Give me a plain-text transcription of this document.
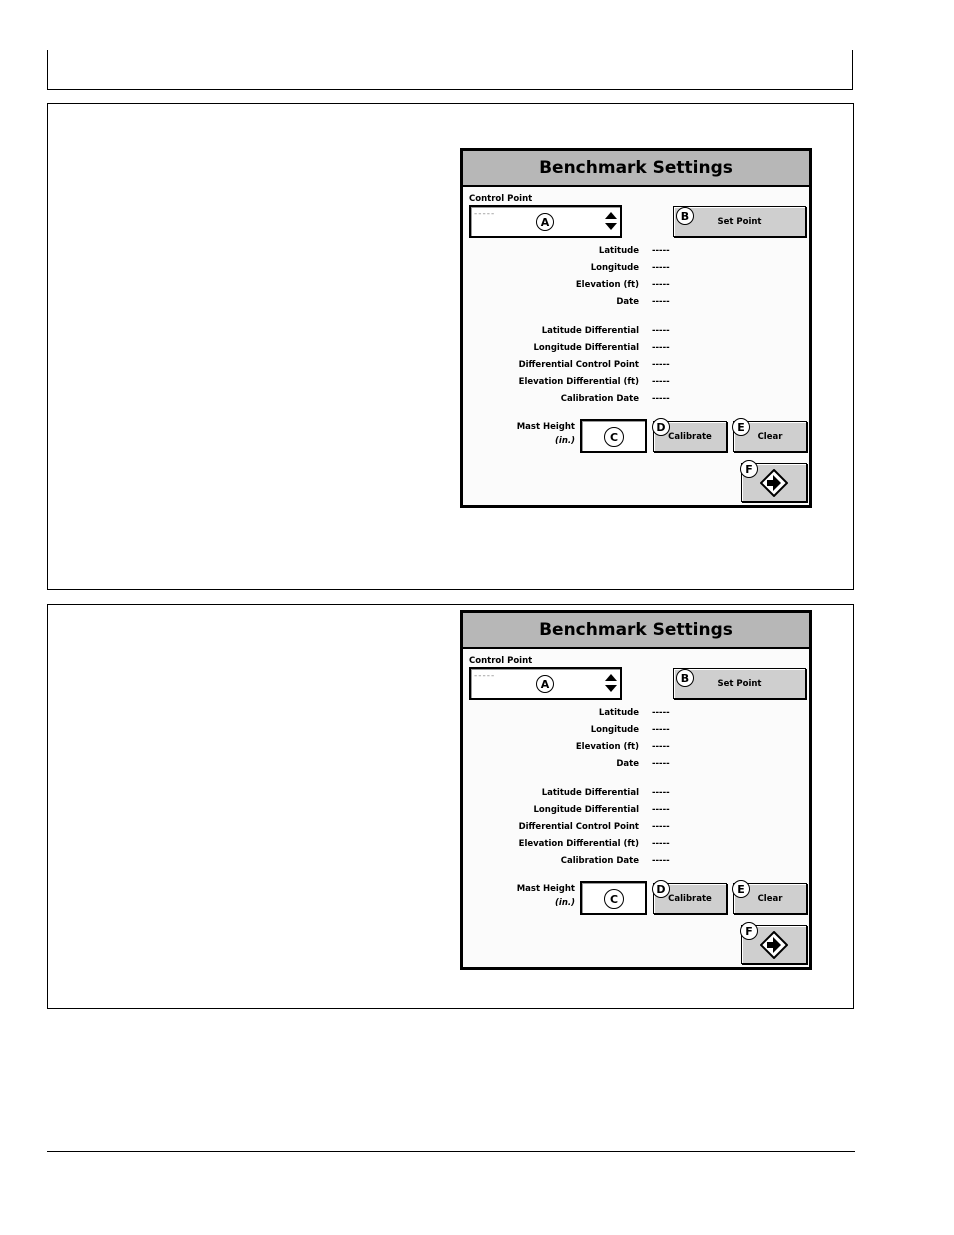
Benchmark Settings
Control Point
-----
A	Set Point
B
Latitude -----
Longitude -----
Elevation (ft) -----
Date -----
Latitude Differential -----
Longitude Differential -----
Differential Control Point -----
Elevation Differential (ft) -----
Calibration Date -----
Mast Height
(in.)	C	Calibrate
D
Clear
E
F
Benchmark Settings
Control Point
-----
A	Set Point
B
Latitude -----
Longitude -----
Elevation (ft) -----
Date -----
Latitude Differential -----
Longitude Differential -----
Differential Control Point -----
Elevation Differential (ft) -----
Calibration Date -----
Mast Height
(in.)	C	Calibrate
D
Clear
E
F
